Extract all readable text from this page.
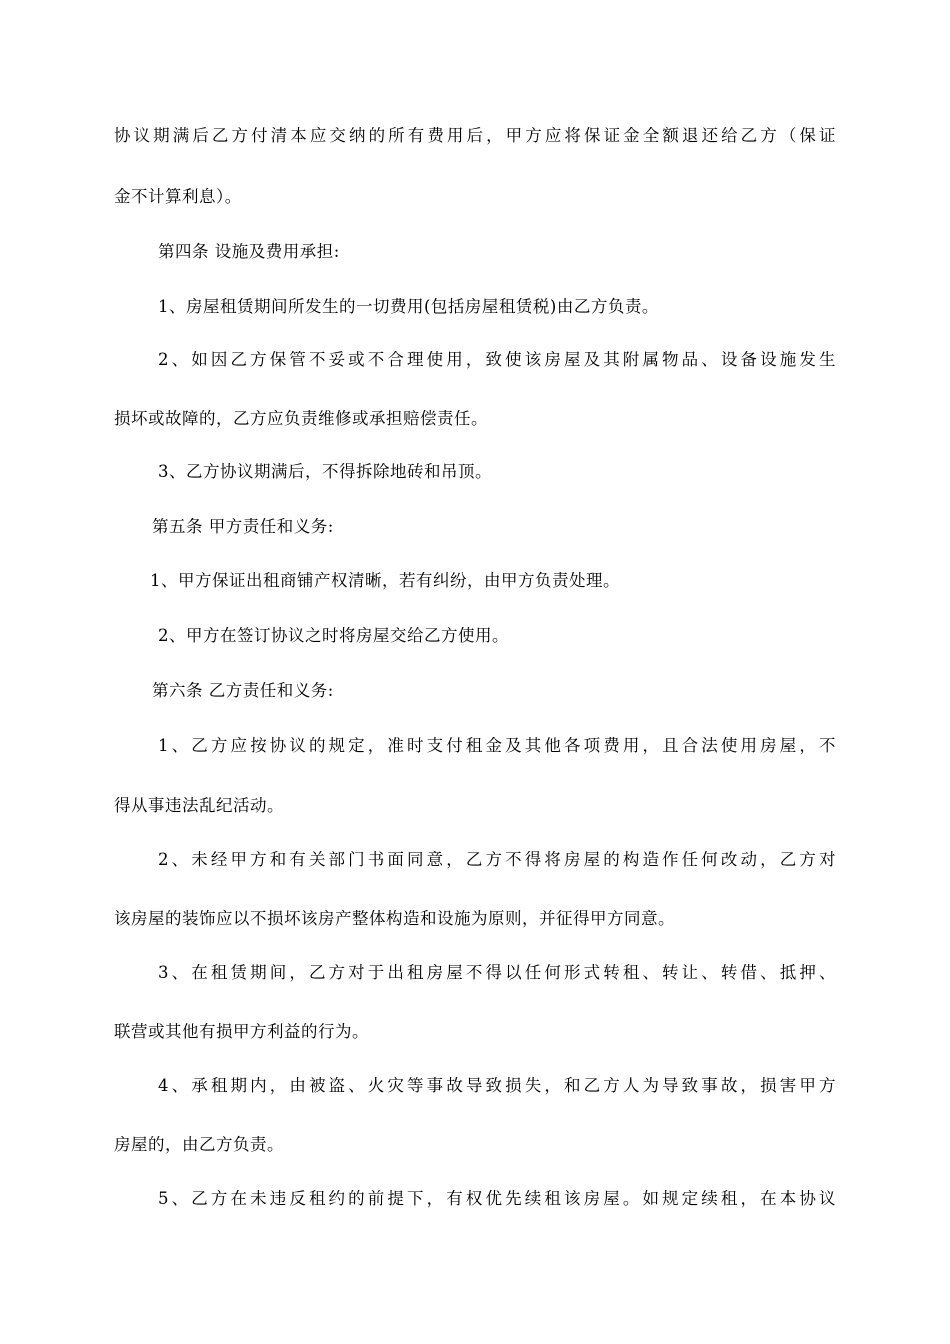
协议期满后乙方付清本应交纳的所有费用后，甲方应将保证金全额退还给乙方（保证
金不计算利息）。
第四条 设施及费用承担:
1、房屋租赁期间所发生的一切费用(包括房屋租赁税)由乙方负责。
2、如因乙方保管不妥或不合理使用，致使该房屋及其附属物品、设备设施发生
损坏或故障的，乙方应负责维修或承担赔偿责任。
3、乙方协议期满后，不得拆除地砖和吊顶。
第五条 甲方责任和义务:
1、甲方保证出租商铺产权清晰，若有纠纷，由甲方负责处理。
2、甲方在签订协议之时将房屋交给乙方使用。
第六条 乙方责任和义务:
1、乙方应按协议的规定，准时支付租金及其他各项费用，且合法使用房屋，不
得从事违法乱纪活动。
2、未经甲方和有关部门书面同意，乙方不得将房屋的构造作任何改动，乙方对
该房屋的装饰应以不损坏该房产整体构造和设施为原则，并征得甲方同意。
3、在租赁期间，乙方对于出租房屋不得以任何形式转租、转让、转借、抵押、
联营或其他有损甲方利益的行为。
4、承租期内，由被盗、火灾等事故导致损失，和乙方人为导致事故，损害甲方
房屋的，由乙方负责。
5、乙方在未违反租约的前提下，有权优先续租该房屋。如规定续租，在本协议
